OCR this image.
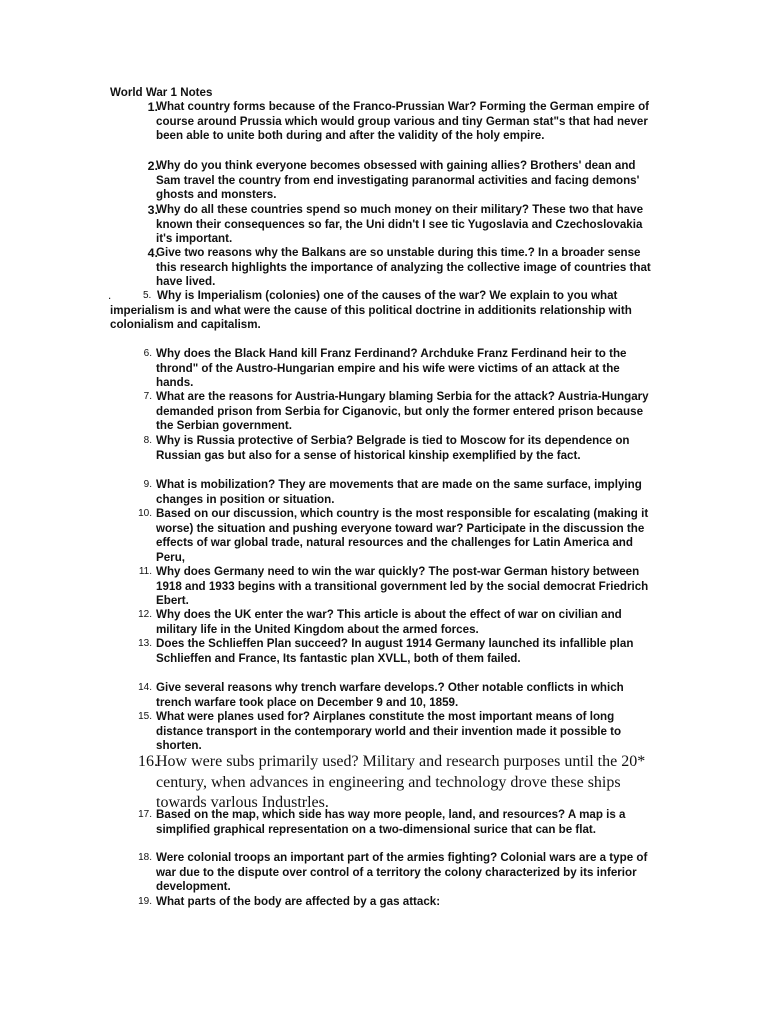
World War 1 Notes
1.
What country forms because of the Franco-Prussian War? Forming the German empire of course around Prussia which would group various and tiny German stat"s that had never been able to unite both during and after the validity of the holy empire.
2.
Why do you think everyone becomes obsessed with gaining allies? Brothers' dean and Sam travel the country from end investigating paranormal activities and facing demons' ghosts and monsters.
3.
Why do all these countries spend so much money on their military? These two that have known their consequences so far, the Uni didn't I see tic Yugoslavia and Czechoslovakia it's important.
4.
Give two reasons why the Balkans are so unstable during this time.? In a broader sense this research highlights the importance of analyzing the collective image of countries that have lived.
.	5. Why is Imperialism (colonies) one of the causes of the war? We explain to you what imperialism is and what were the cause of this political doctrine in additionits relationship with colonialism and capitalism.
6. Why does the Black Hand kill Franz Ferdinand? Archduke Franz Ferdinand heir to the thrond" of the Austro-Hungarian empire and his wife were victims of an attack at the hands.
7. What are the reasons for Austria-Hungary blaming Serbia for the attack? Austria-Hungary demanded prison from Serbia for Ciganovic, but only the former entered prison because the Serbian government.
8. Why is Russia protective of Serbia? Belgrade is tied to Moscow for its dependence on Russian gas but also for a sense of historical kinship exemplified by the fact.
9. What is mobilization? They are movements that are made on the same surface, implying changes in position or situation.
10. Based on our discussion, which country is the most responsible for escalating (making it worse) the situation and pushing everyone toward war? Participate in the discussion the effects of war global trade, natural resources and the challenges for Latin America and Peru,
11. Why does Germany need to win the war quickly? The post-war German history between 1918 and 1933 begins with a transitional government led by the social democrat Friedrich Ebert.
12. Why does the UK enter the war? This article is about the effect of war on civilian and military life in the United Kingdom about the armed forces.
13. Does the Schlieffen Plan succeed? In august 1914 Germany launched its infallible plan Schlieffen and France, Its fantastic plan XVLL, both of them failed.
14. Give several reasons why trench warfare develops.? Other notable conflicts in which trench warfare took place on December 9 and 10, 1859.
15. What were planes used for? Airplanes constitute the most important means of long distance transport in the contemporary world and their invention made it possible to shorten.
16.
How were subs primarily used? Military and research purposes until the 20* century, when advances in engineering and technology drove these ships towards varlous Industrles.
17. Based on the map, which side has way more people, land, and resources? A map is a simplified graphical representation on a two-dimensional surice that can be flat.
18. Were colonial troops an important part of the armies fighting? Colonial wars are a type of war due to the dispute over control of a territory the colony characterized by its inferior development.
19. What parts of the body are affected by a gas attack:
